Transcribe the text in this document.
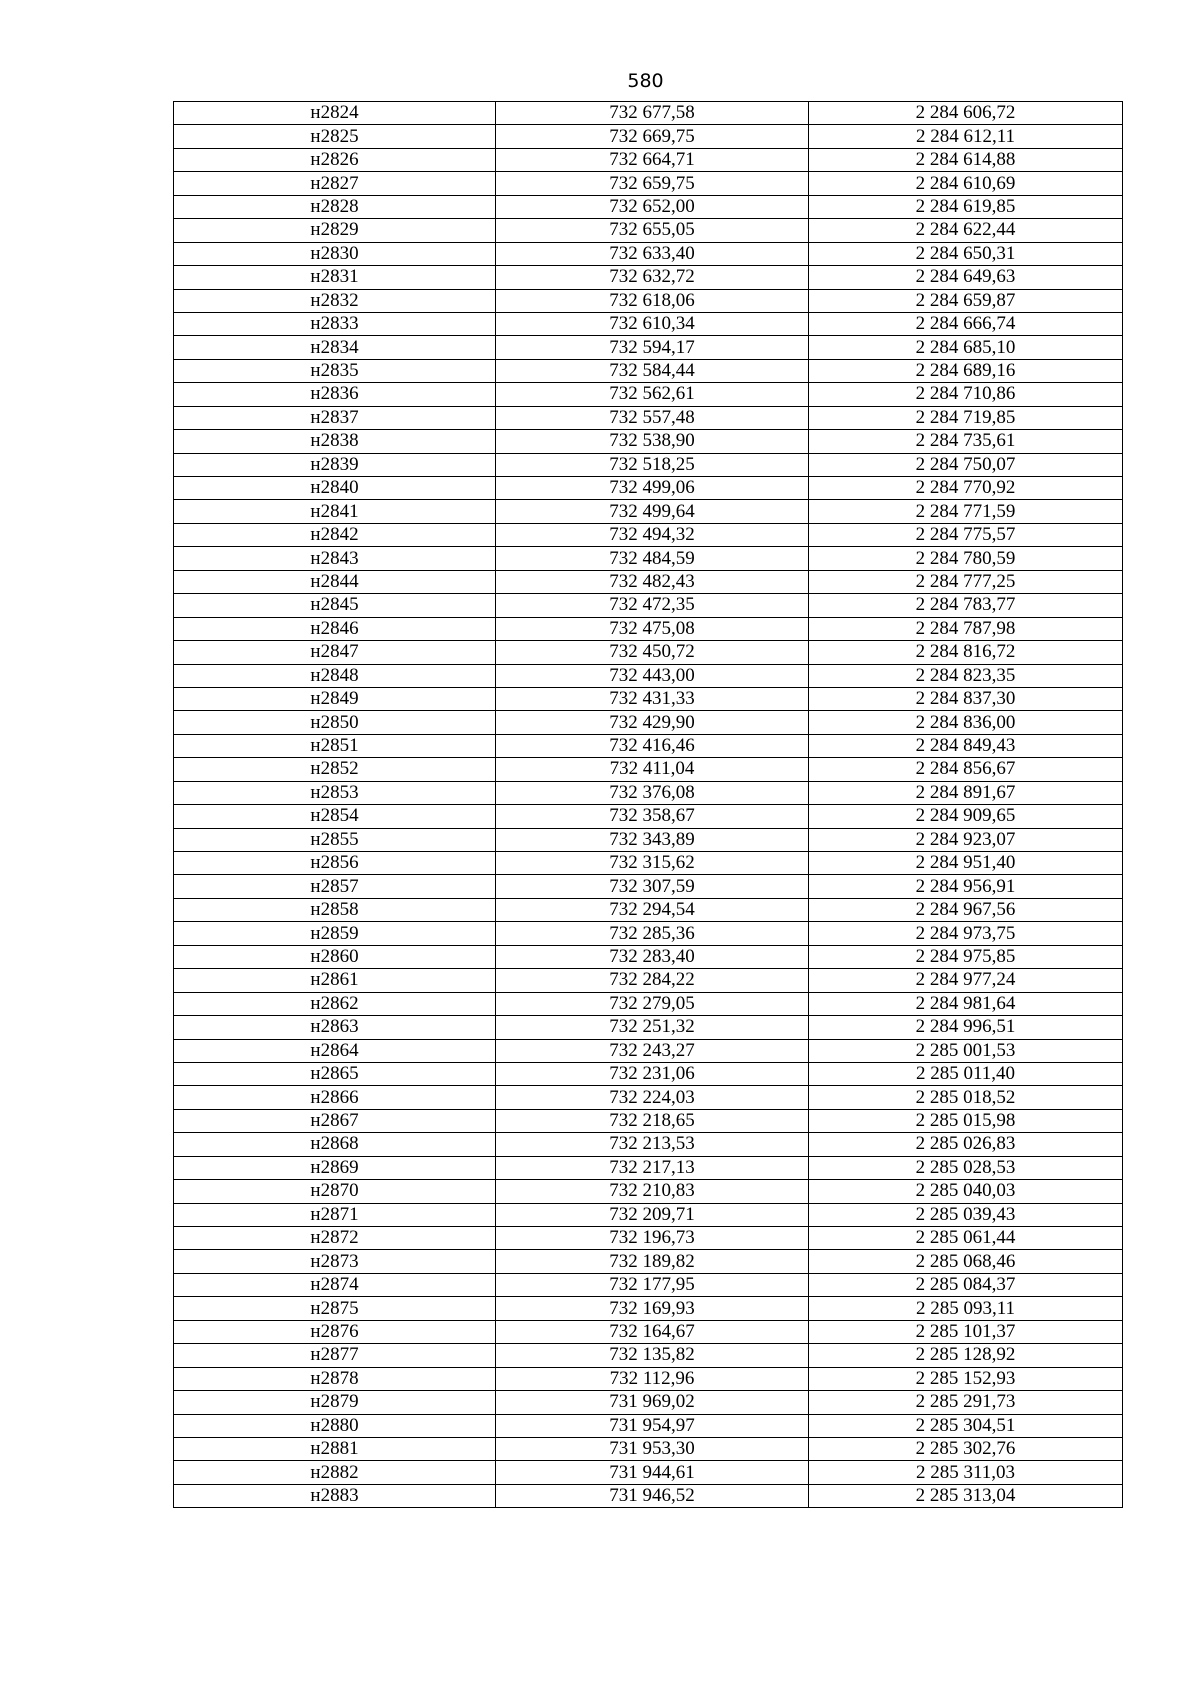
580
н2824	732 677,58	2 284 606,72
н2825	732 669,75	2 284 612,11
н2826	732 664,71	2 284 614,88
н2827	732 659,75	2 284 610,69
н2828	732 652,00	2 284 619,85
н2829	732 655,05	2 284 622,44
н2830	732 633,40	2 284 650,31
н2831	732 632,72	2 284 649,63
н2832	732 618,06	2 284 659,87
н2833	732 610,34	2 284 666,74
н2834	732 594,17	2 284 685,10
н2835	732 584,44	2 284 689,16
н2836	732 562,61	2 284 710,86
н2837	732 557,48	2 284 719,85
н2838	732 538,90	2 284 735,61
н2839	732 518,25	2 284 750,07
н2840	732 499,06	2 284 770,92
н2841	732 499,64	2 284 771,59
н2842	732 494,32	2 284 775,57
н2843	732 484,59	2 284 780,59
н2844	732 482,43	2 284 777,25
н2845	732 472,35	2 284 783,77
н2846	732 475,08	2 284 787,98
н2847	732 450,72	2 284 816,72
н2848	732 443,00	2 284 823,35
н2849	732 431,33	2 284 837,30
н2850	732 429,90	2 284 836,00
н2851	732 416,46	2 284 849,43
н2852	732 411,04	2 284 856,67
н2853	732 376,08	2 284 891,67
н2854	732 358,67	2 284 909,65
н2855	732 343,89	2 284 923,07
н2856	732 315,62	2 284 951,40
н2857	732 307,59	2 284 956,91
н2858	732 294,54	2 284 967,56
н2859	732 285,36	2 284 973,75
н2860	732 283,40	2 284 975,85
н2861	732 284,22	2 284 977,24
н2862	732 279,05	2 284 981,64
н2863	732 251,32	2 284 996,51
н2864	732 243,27	2 285 001,53
н2865	732 231,06	2 285 011,40
н2866	732 224,03	2 285 018,52
н2867	732 218,65	2 285 015,98
н2868	732 213,53	2 285 026,83
н2869	732 217,13	2 285 028,53
н2870	732 210,83	2 285 040,03
н2871	732 209,71	2 285 039,43
н2872	732 196,73	2 285 061,44
н2873	732 189,82	2 285 068,46
н2874	732 177,95	2 285 084,37
н2875	732 169,93	2 285 093,11
н2876	732 164,67	2 285 101,37
н2877	732 135,82	2 285 128,92
н2878	732 112,96	2 285 152,93
н2879	731 969,02	2 285 291,73
н2880	731 954,97	2 285 304,51
н2881	731 953,30	2 285 302,76
н2882	731 944,61	2 285 311,03
н2883	731 946,52	2 285 313,04
